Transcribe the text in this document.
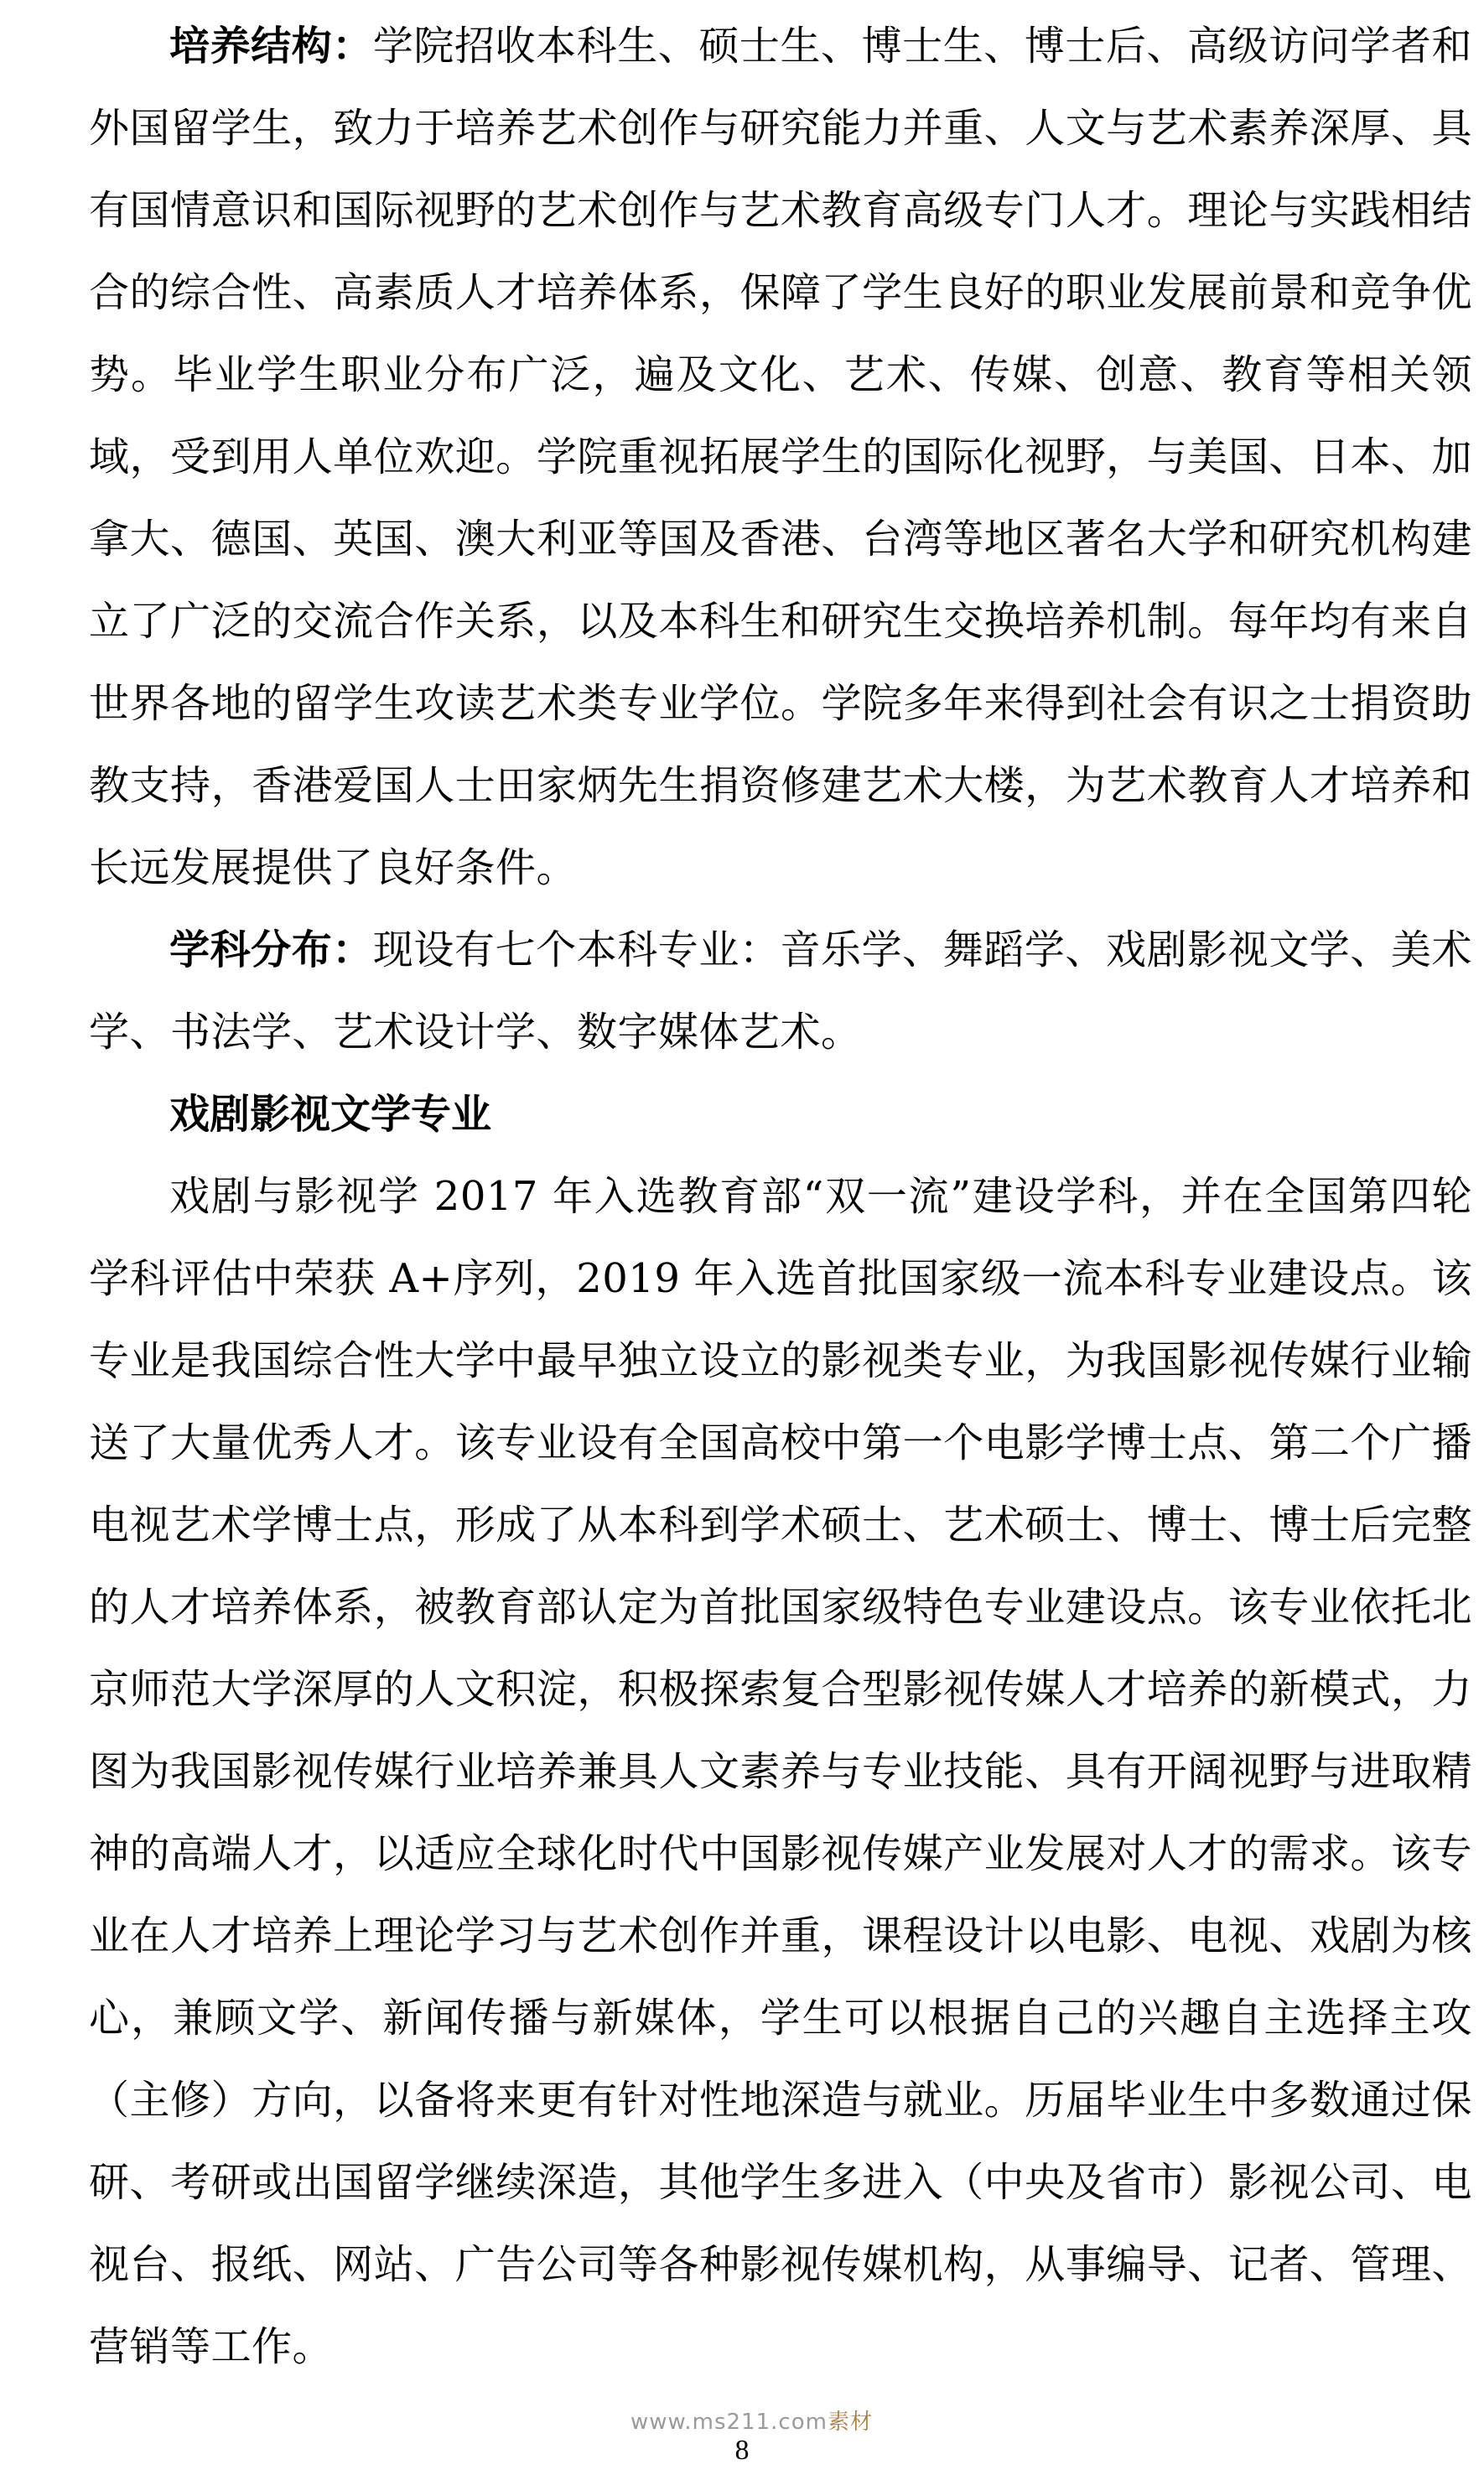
培养结构：学院招收本科生、硕士生、博士生、博士后、高级访问学者和外国留学生，致力于培养艺术创作与研究能力并重、人文与艺术素养深厚、具有国情意识和国际视野的艺术创作与艺术教育高级专门人才。理论与实践相结合的综合性、高素质人才培养体系，保障了学生良好的职业发展前景和竞争优势。毕业学生职业分布广泛，遍及文化、艺术、传媒、创意、教育等相关领域，受到用人单位欢迎。学院重视拓展学生的国际化视野，与美国、日本、加拿大、德国、英国、澳大利亚等国及香港、台湾等地区著名大学和研究机构建立了广泛的交流合作关系，以及本科生和研究生交换培养机制。每年均有来自世界各地的留学生攻读艺术类专业学位。学院多年来得到社会有识之士捐资助教支持，香港爱国人士田家炳先生捐资修建艺术大楼，为艺术教育人才培养和长远发展提供了良好条件。

学科分布：现设有七个本科专业：音乐学、舞蹈学、戏剧影视文学、美术学、书法学、艺术设计学、数字媒体艺术。

戏剧影视文学专业

戏剧与影视学 2017 年入选教育部“双一流”建设学科，并在全国第四轮学科评估中荣获 A+序列，2019 年入选首批国家级一流本科专业建设点。该专业是我国综合性大学中最早独立设立的影视类专业，为我国影视传媒行业输送了大量优秀人才。该专业设有全国高校中第一个电影学博士点、第二个广播电视艺术学博士点，形成了从本科到学术硕士、艺术硕士、博士、博士后完整的人才培养体系，被教育部认定为首批国家级特色专业建设点。该专业依托北京师范大学深厚的人文积淀，积极探索复合型影视传媒人才培养的新模式，力图为我国影视传媒行业培养兼具人文素养与专业技能、具有开阔视野与进取精神的高端人才，以适应全球化时代中国影视传媒产业发展对人才的需求。该专业在人才培养上理论学习与艺术创作并重，课程设计以电影、电视、戏剧为核心，兼顾文学、新闻传播与新媒体，学生可以根据自己的兴趣自主选择主攻（主修）方向，以备将来更有针对性地深造与就业。历届毕业生中多数通过保研、考研或出国留学继续深造，其他学生多进入（中央及省市）影视公司、电视台、报纸、网站、广告公司等各种影视传媒机构，从事编导、记者、管理、营销等工作。

www.ms211.com素材
8
